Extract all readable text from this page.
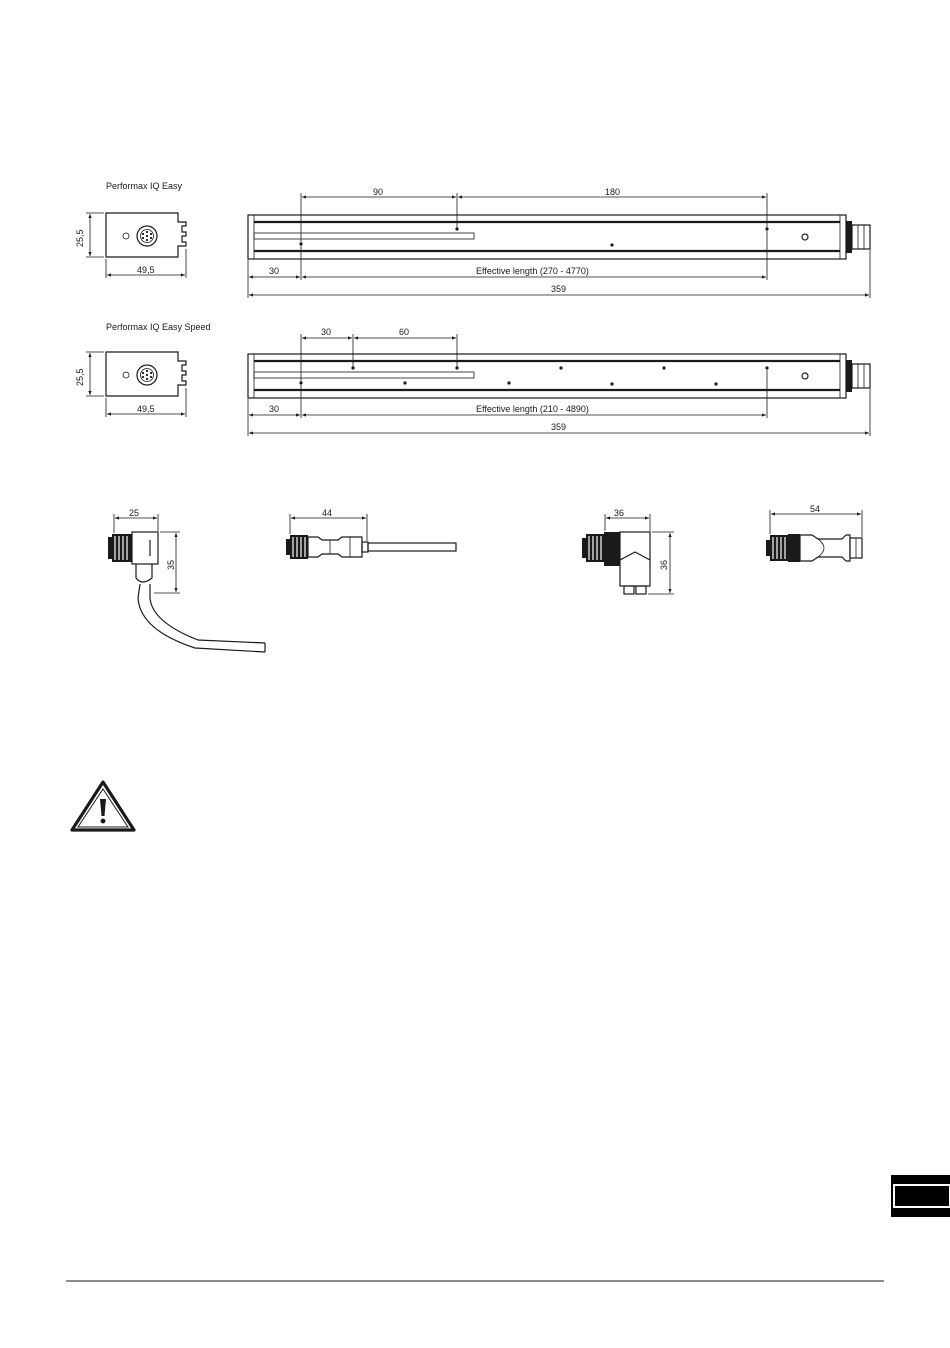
Performax IQ Easy
25,5
49,5
90	180
30	Effective length (270 - 4770)
359
Performax IQ Easy Speed
25,5
49,5
30	60
30	Effective length (210 - 4890)
359
25
35
44	36
36
54
